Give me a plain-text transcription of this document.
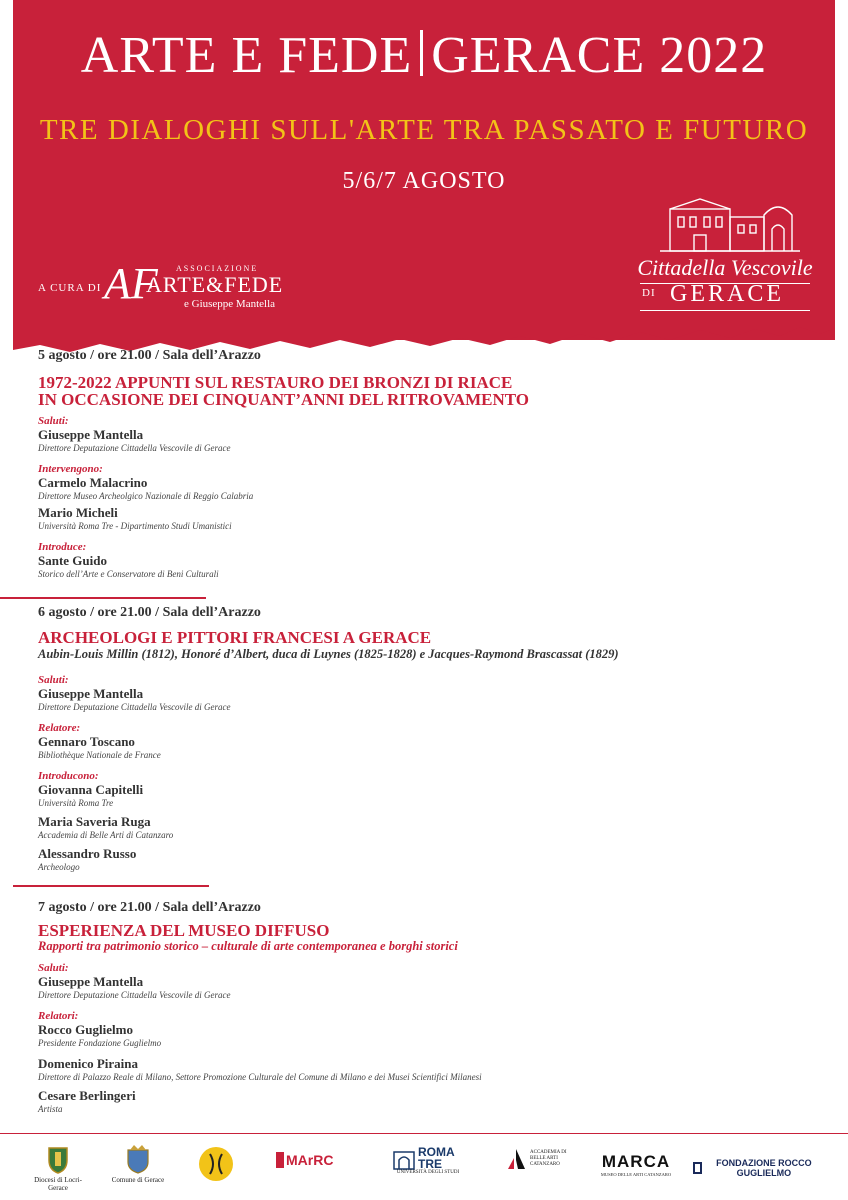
ARTE E FEDE GERACE 2022
TRE DIALOGHI SULL'ARTE TRA PASSATO E FUTURO
5/6/7 AGOSTO
A CURA DI AF ASSOCIAZIONE
ARTE&FEDE
e Giuseppe Mantella
Cittadella Vescovile
DI GERACE
5 agosto / ore 21.00 / Sala dell’Arazzo
1972-2022 APPUNTI SUL RESTAURO DEI BRONZI DI RIACE
IN OCCASIONE DEI CINQUANT’ANNI DEL RITROVAMENTO
Saluti:
Giuseppe Mantella
Direttore Deputazione Cittadella Vescovile di Gerace
Intervengono:
Carmelo Malacrino
Direttore Museo Archeolgico Nazionale di Reggio Calabria
Mario Micheli
Università Roma Tre - Dipartimento Studi Umanistici
Introduce:
Sante Guido
Storico dell’Arte e Conservatore di Beni Culturali
6 agosto / ore 21.00 / Sala dell’Arazzo
ARCHEOLOGI E PITTORI FRANCESI A GERACE
Aubin-Louis Millin (1812), Honoré d’Albert, duca di Luynes (1825-1828) e Jacques-Raymond Brascassat (1829)
Saluti:
Giuseppe Mantella
Direttore Deputazione Cittadella Vescovile di Gerace
Relatore:
Gennaro Toscano
Bibliothèque Nationale de France
Introducono:
Giovanna Capitelli
Università Roma Tre
Maria Saveria Ruga
Accademia di Belle Arti di Catanzaro
Alessandro Russo
Archeologo
7 agosto / ore 21.00 / Sala dell’Arazzo
ESPERIENZA DEL MUSEO DIFFUSO
Rapporti tra patrimonio storico – culturale di arte contemporanea e borghi storici
Saluti:
Giuseppe Mantella
Direttore Deputazione Cittadella Vescovile di Gerace
Relatori:
Rocco Guglielmo
Presidente Fondazione Guglielmo
Domenico Piraina
Direttore di Palazzo Reale di Milano, Settore Promozione Culturale del Comune di Milano e dei Musei Scientifici Milanesi
Cesare Berlingeri
Artista
Diocesi di Locri-Gerace
Comune di Gerace
MArRC	ROMA
TRE
UNIVERSITÀ DEGLI STUDI
ACCADEMIA DI BELLE ARTI CATANZARO	MARCA
MUSEO DELLE ARTI CATANZARO
FONDAZIONE ROCCO GUGLIELMO
